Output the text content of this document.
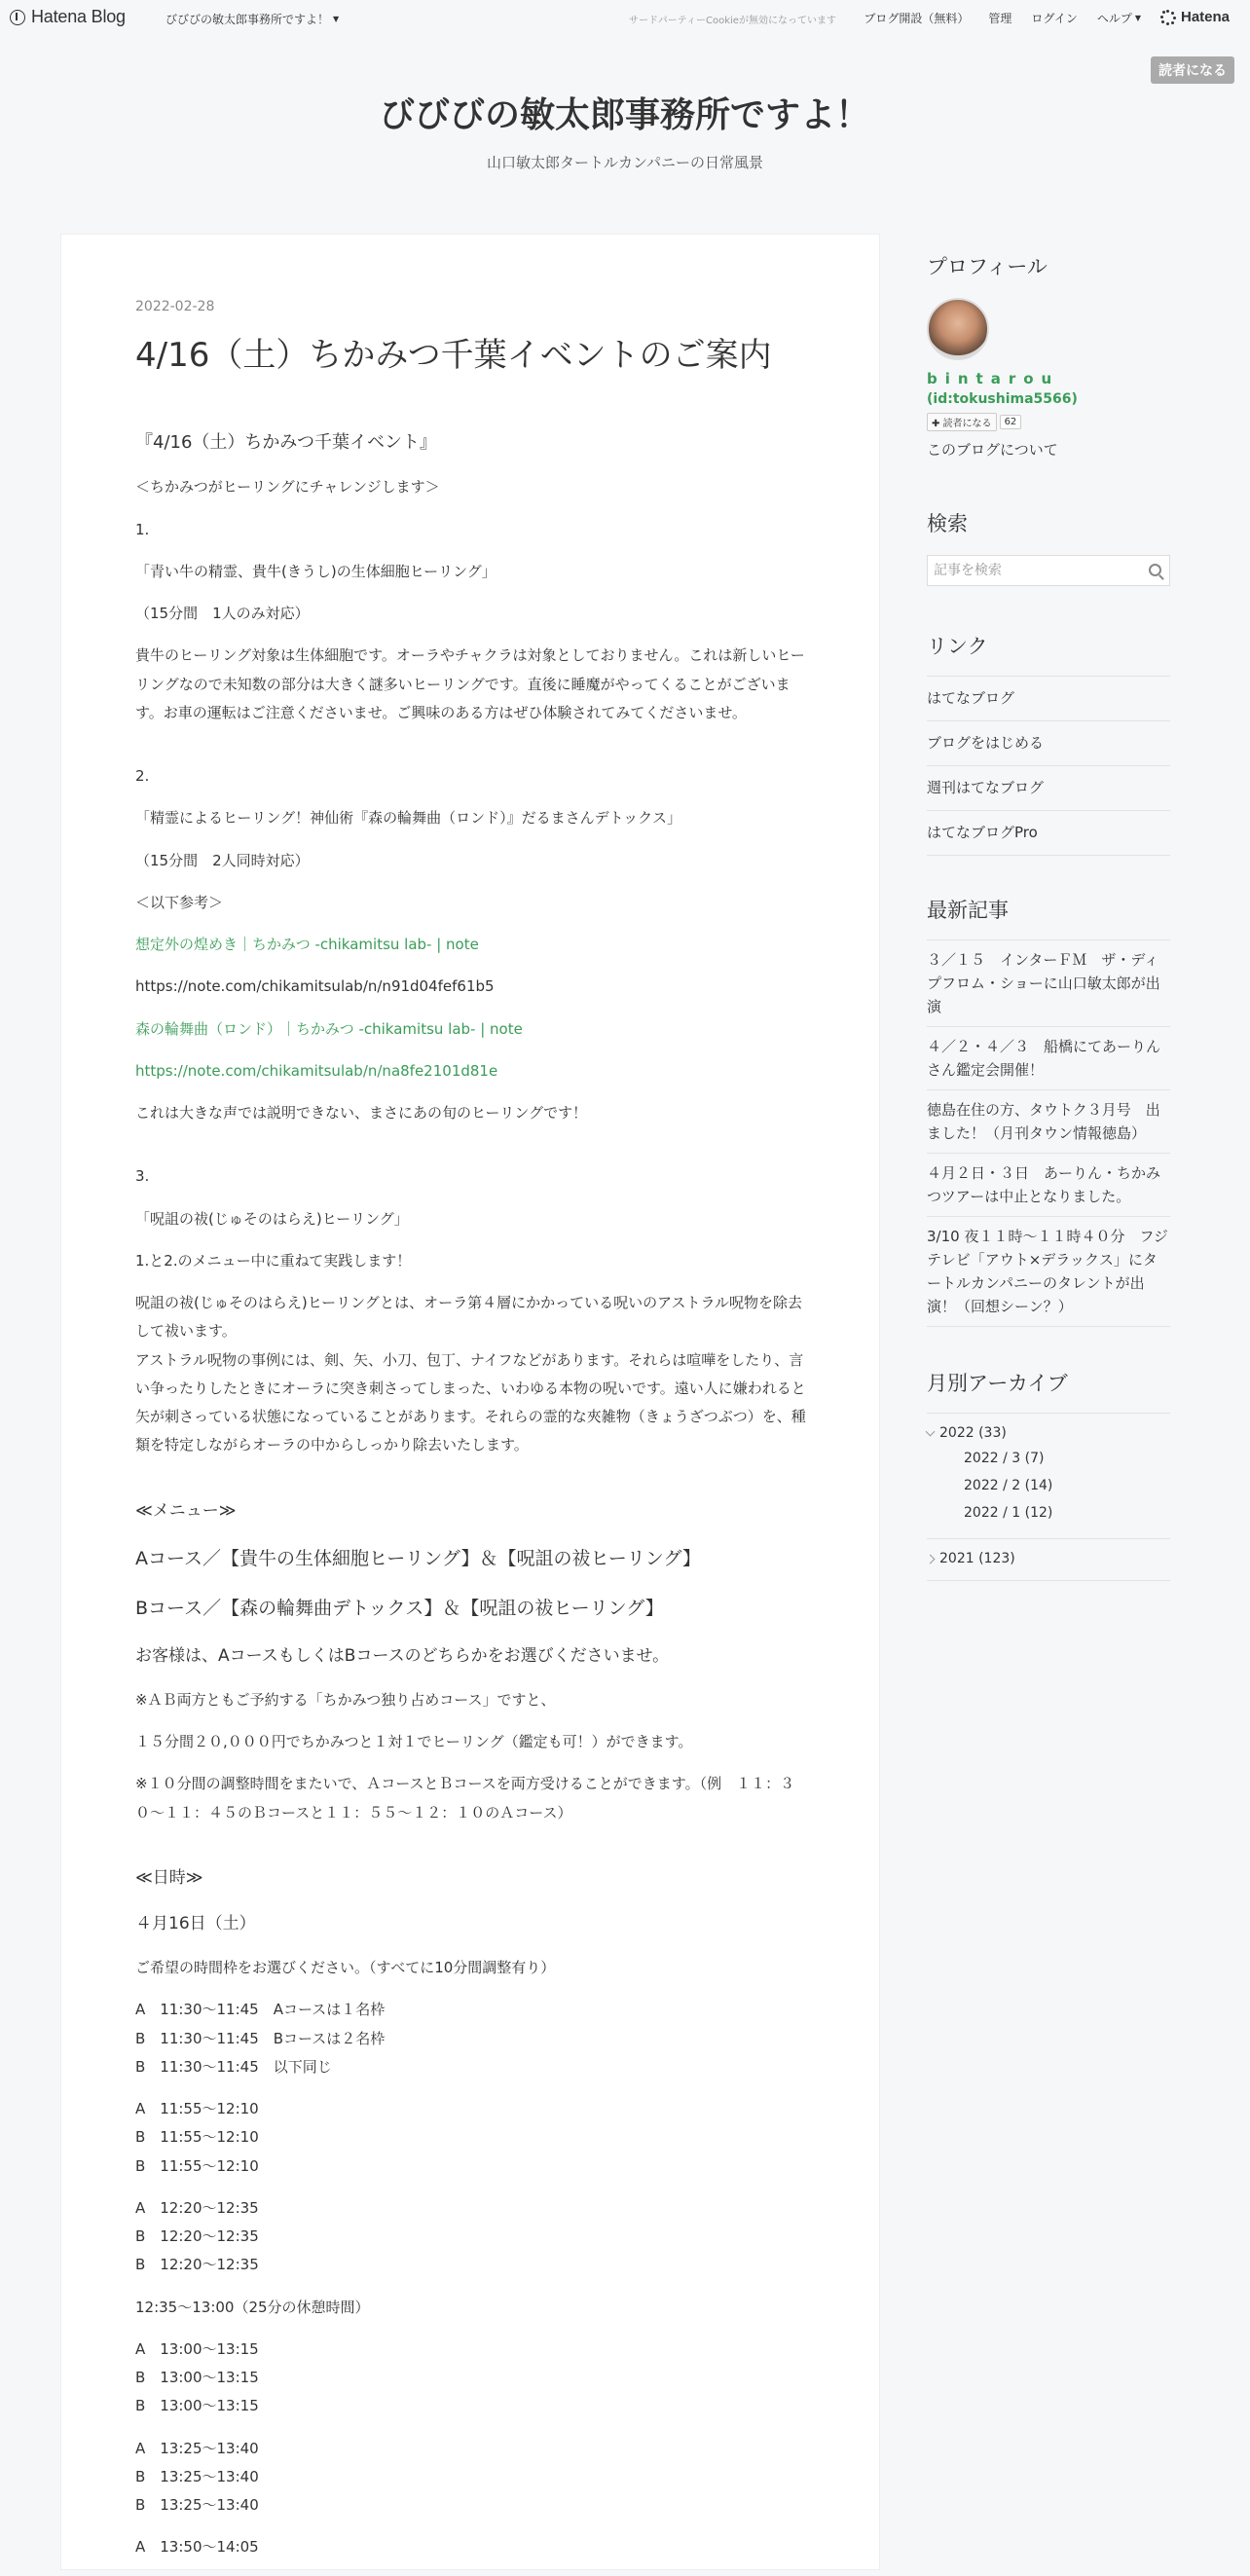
Hatena Blog	びびびの敏太郎事務所ですよ！ ▼	サードパーティーCookieが無効になっています ブログ開設（無料） 管理 ログイン ヘルプ ▼	Hatena
読者になる
びびびの敏太郎事務所ですよ！
山口敏太郎タートルカンパニーの日常風景
2022-02-28
4/16（土）ちかみつ千葉イベントのご案内

『4/16（土）ちかみつ千葉イベント』

＜ちかみつがヒーリングにチャレンジします＞

1.

「青い牛の精霊、貴牛(きうし)の生体細胞ヒーリング」

（15分間　1人のみ対応）

貴牛のヒーリング対象は生体細胞です。オーラやチャクラは対象としておりません。これは新しいヒーリングなので未知数の部分は大きく謎多いヒーリングです。直後に睡魔がやってくることがございます。お車の運転はご注意くださいませ。ご興味のある方はぜひ体験されてみてくださいませ。

2.

「精霊によるヒーリング！神仙術『森の輪舞曲（ロンド）』だるまさんデトックス」

（15分間　2人同時対応）

＜以下参考＞

想定外の煌めき｜ちかみつ -chikamitsu lab- | note

https://note.com/chikamitsulab/n/n91d04fef61b5

森の輪舞曲（ロンド）｜ちかみつ -chikamitsu lab- | note

https://note.com/chikamitsulab/n/na8fe2101d81e

これは大きな声では説明できない、まさにあの旬のヒーリングです！

3.

「呪詛の祓(じゅそのはらえ)ヒーリング」

1.と2.のメニュー中に重ねて実践します！

呪詛の祓(じゅそのはらえ)ヒーリングとは、オーラ第４層にかかっている呪いのアストラル呪物を除去して祓います。

アストラル呪物の事例には、剣、矢、小刀、包丁、ナイフなどがあります。それらは喧嘩をしたり、言い争ったりしたときにオーラに突き刺さってしまった、いわゆる本物の呪いです。遠い人に嫌われると矢が刺さっている状態になっていることがあります。それらの霊的な夾雑物（きょうざつぶつ）を、種類を特定しながらオーラの中からしっかり除去いたします。

≪メニュー≫

Aコース／【貴牛の生体細胞ヒーリング】＆【呪詛の祓ヒーリング】

Bコース／【森の輪舞曲デトックス】＆【呪詛の祓ヒーリング】

お客様は、AコースもしくはBコースのどちらかをお選びくださいませ。

※ＡＢ両方ともご予約する「ちかみつ独り占めコース」ですと、

１５分間２０,０００円でちかみつと１対１でヒーリング（鑑定も可！）ができます。

※１０分間の調整時間をまたいで、ＡコースとＢコースを両方受けることができます。（例　１１：３０～１１：４５のＢコースと１１：５５～１２：１０のＡコース）

≪日時≫

４月16日（土）

ご希望の時間枠をお選びください。（すべてに10分間調整有り）

A　11:30～11:45　Aコースは１名枠

B　11:30～11:45　Bコースは２名枠

B　11:30～11:45　以下同じ

A　11:55～12:10

B　11:55～12:10

B　11:55～12:10

A　12:20～12:35

B　12:20～12:35

B　12:20～12:35

12:35～13:00（25分の休憩時間）

A　13:00～13:15

B　13:00～13:15

B　13:00～13:15

A　13:25～13:40

B　13:25～13:40

B　13:25～13:40

A　13:50～14:05

プロフィール
bintarou
(id:tokushima5566)
✚ 読者になる	62
このブログについて
検索
記事を検索
リンク
はてなブログ
ブログをはじめる
週刊はてなブログ
はてなブログPro
最新記事
３／１５　インターＦＭ　ザ・ディプフロム・ショーに山口敏太郎が出演
４／２・４／３　船橋にてあーりんさん鑑定会開催！
徳島在住の方、タウトク３月号　出ました！（月刊タウン情報徳島）
４月２日・３日　あーりん・ちかみつツアーは中止となりました。
3/10 夜１１時～１１時４０分　フジテレビ「アウト×デラックス」にタートルカンパニーのタレントが出演！（回想シーン？）
月別アーカイブ
2022 (33)
2022 / 3 (7)
2022 / 2 (14)
2022 / 1 (12)
2021 (123)
